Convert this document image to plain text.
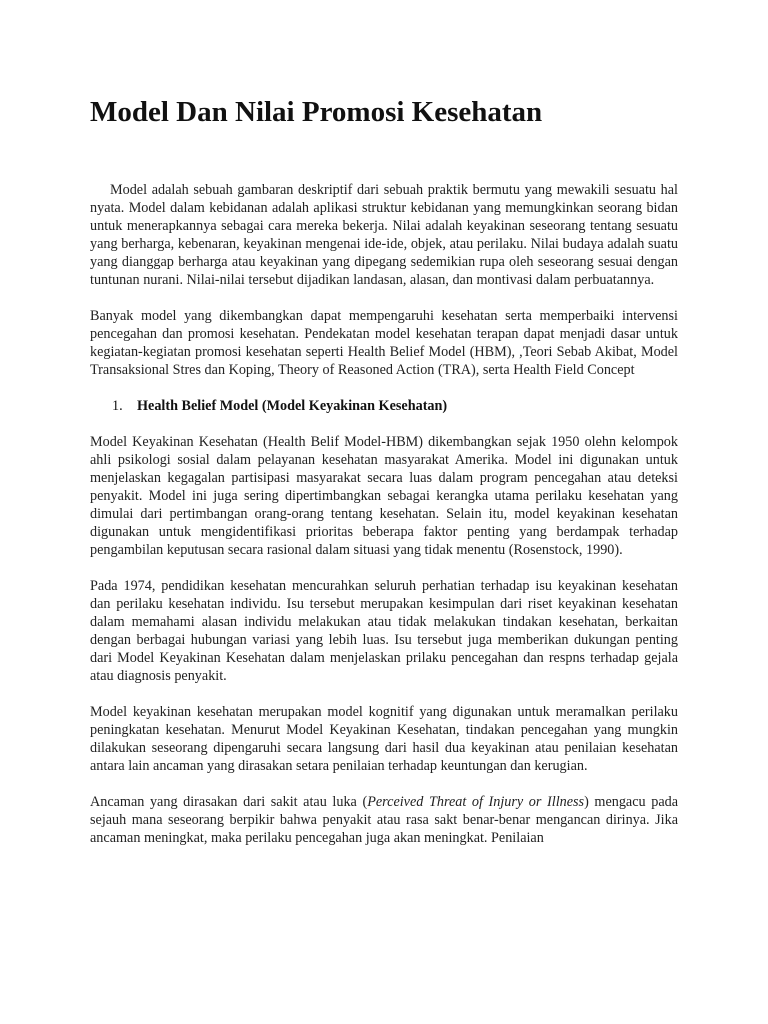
Model Dan Nilai Promosi Kesehatan

Model adalah sebuah gambaran deskriptif dari sebuah praktik bermutu yang mewakili sesuatu hal nyata. Model dalam kebidanan adalah aplikasi struktur kebidanan yang memungkinkan seorang bidan untuk menerapkannya sebagai cara mereka bekerja. Nilai adalah keyakinan seseorang tentang sesuatu yang berharga, kebenaran, keyakinan mengenai ide-ide, objek, atau perilaku. Nilai budaya adalah suatu yang dianggap berharga atau keyakinan yang dipegang sedemikian rupa oleh seseorang sesuai dengan tuntunan nurani. Nilai-nilai tersebut dijadikan landasan, alasan, dan montivasi dalam perbuatannya.

Banyak model yang dikembangkan dapat mempengaruhi kesehatan serta memperbaiki intervensi pencegahan dan promosi kesehatan. Pendekatan model kesehatan terapan dapat menjadi dasar untuk kegiatan-kegiatan promosi kesehatan seperti Health Belief Model (HBM), ,Teori Sebab Akibat, Model Transaksional Stres dan Koping, Theory of Reasoned Action (TRA), serta Health Field Concept

1.	Health Belief Model (Model Keyakinan Kesehatan)

Model Keyakinan Kesehatan (Health Belif Model-HBM) dikembangkan sejak 1950 olehn kelompok ahli psikologi sosial dalam pelayanan kesehatan masyarakat Amerika. Model ini digunakan untuk menjelaskan kegagalan partisipasi masyarakat secara luas dalam program pencegahan atau deteksi penyakit. Model ini juga sering dipertimbangkan sebagai kerangka utama perilaku kesehatan yang dimulai dari pertimbangan orang-orang tentang kesehatan. Selain itu, model keyakinan kesehatan digunakan untuk mengidentifikasi prioritas beberapa faktor penting yang berdampak terhadap pengambilan keputusan secara rasional dalam situasi yang tidak menentu (Rosenstock, 1990).

Pada 1974, pendidikan kesehatan mencurahkan seluruh perhatian terhadap isu keyakinan kesehatan dan perilaku kesehatan individu. Isu tersebut merupakan kesimpulan dari riset keyakinan kesehatan dalam memahami alasan individu melakukan atau tidak melakukan tindakan kesehatan, berkaitan dengan berbagai hubungan variasi yang lebih luas. Isu tersebut juga memberikan dukungan penting dari Model Keyakinan Kesehatan dalam menjelaskan prilaku pencegahan dan respns terhadap gejala atau diagnosis penyakit.

Model keyakinan kesehatan merupakan model kognitif yang digunakan untuk meramalkan perilaku peningkatan kesehatan. Menurut Model Keyakinan Kesehatan, tindakan pencegahan yang mungkin dilakukan seseorang dipengaruhi secara langsung dari hasil dua keyakinan atau penilaian kesehatan antara lain ancaman yang dirasakan setara penilaian terhadap keuntungan dan kerugian.

Ancaman yang dirasakan dari sakit atau luka (Perceived Threat of Injury or Illness) mengacu pada sejauh mana seseorang berpikir bahwa penyakit atau rasa sakt benar-benar mengancan dirinya. Jika ancaman meningkat, maka perilaku pencegahan juga akan meningkat. Penilaian
